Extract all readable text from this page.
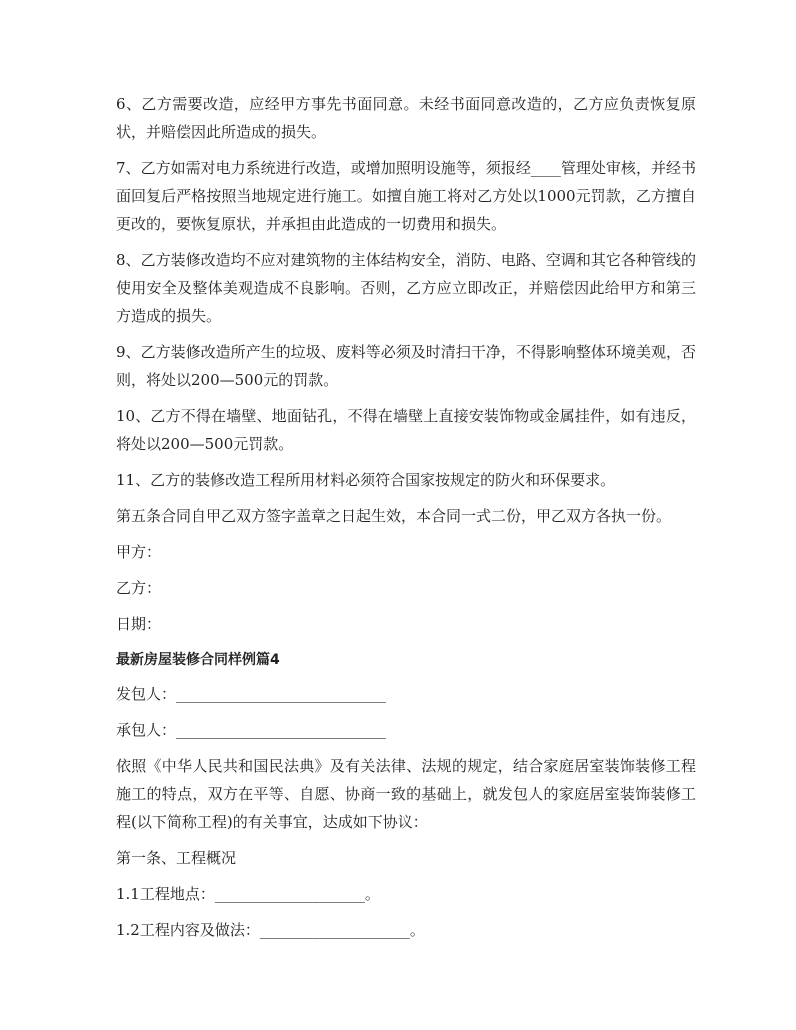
6、乙方需要改造，应经甲方事先书面同意。未经书面同意改造的，乙方应负责恢复原状，并赔偿因此所造成的损失。

7、乙方如需对电力系统进行改造，或增加照明设施等，须报经____管理处审核，并经书面回复后严格按照当地规定进行施工。如擅自施工将对乙方处以1000元罚款，乙方擅自更改的，要恢复原状，并承担由此造成的一切费用和损失。

8、乙方装修改造均不应对建筑物的主体结构安全，消防、电路、空调和其它各种管线的使用安全及整体美观造成不良影响。否则，乙方应立即改正，并赔偿因此给甲方和第三方造成的损失。

9、乙方装修改造所产生的垃圾、废料等必须及时清扫干净，不得影响整体环境美观，否则，将处以200—500元的罚款。

10、乙方不得在墙壁、地面钻孔，不得在墙壁上直接安装饰物或金属挂件，如有违反，将处以200—500元罚款。

11、乙方的装修改造工程所用材料必须符合国家按规定的防火和环保要求。

第五条合同自甲乙双方签字盖章之日起生效，本合同一式二份，甲乙双方各执一份。

甲方：

乙方：

日期：

最新房屋装修合同样例篇4

发包人：____________________________

承包人：____________________________

依照《中华人民共和国民法典》及有关法律、法规的规定，结合家庭居室装饰装修工程施工的特点，双方在平等、自愿、协商一致的基础上，就发包人的家庭居室装饰装修工程(以下简称工程)的有关事宜，达成如下协议：

第一条、工程概况

1.1工程地点：____________________。

1.2工程内容及做法：____________________。
